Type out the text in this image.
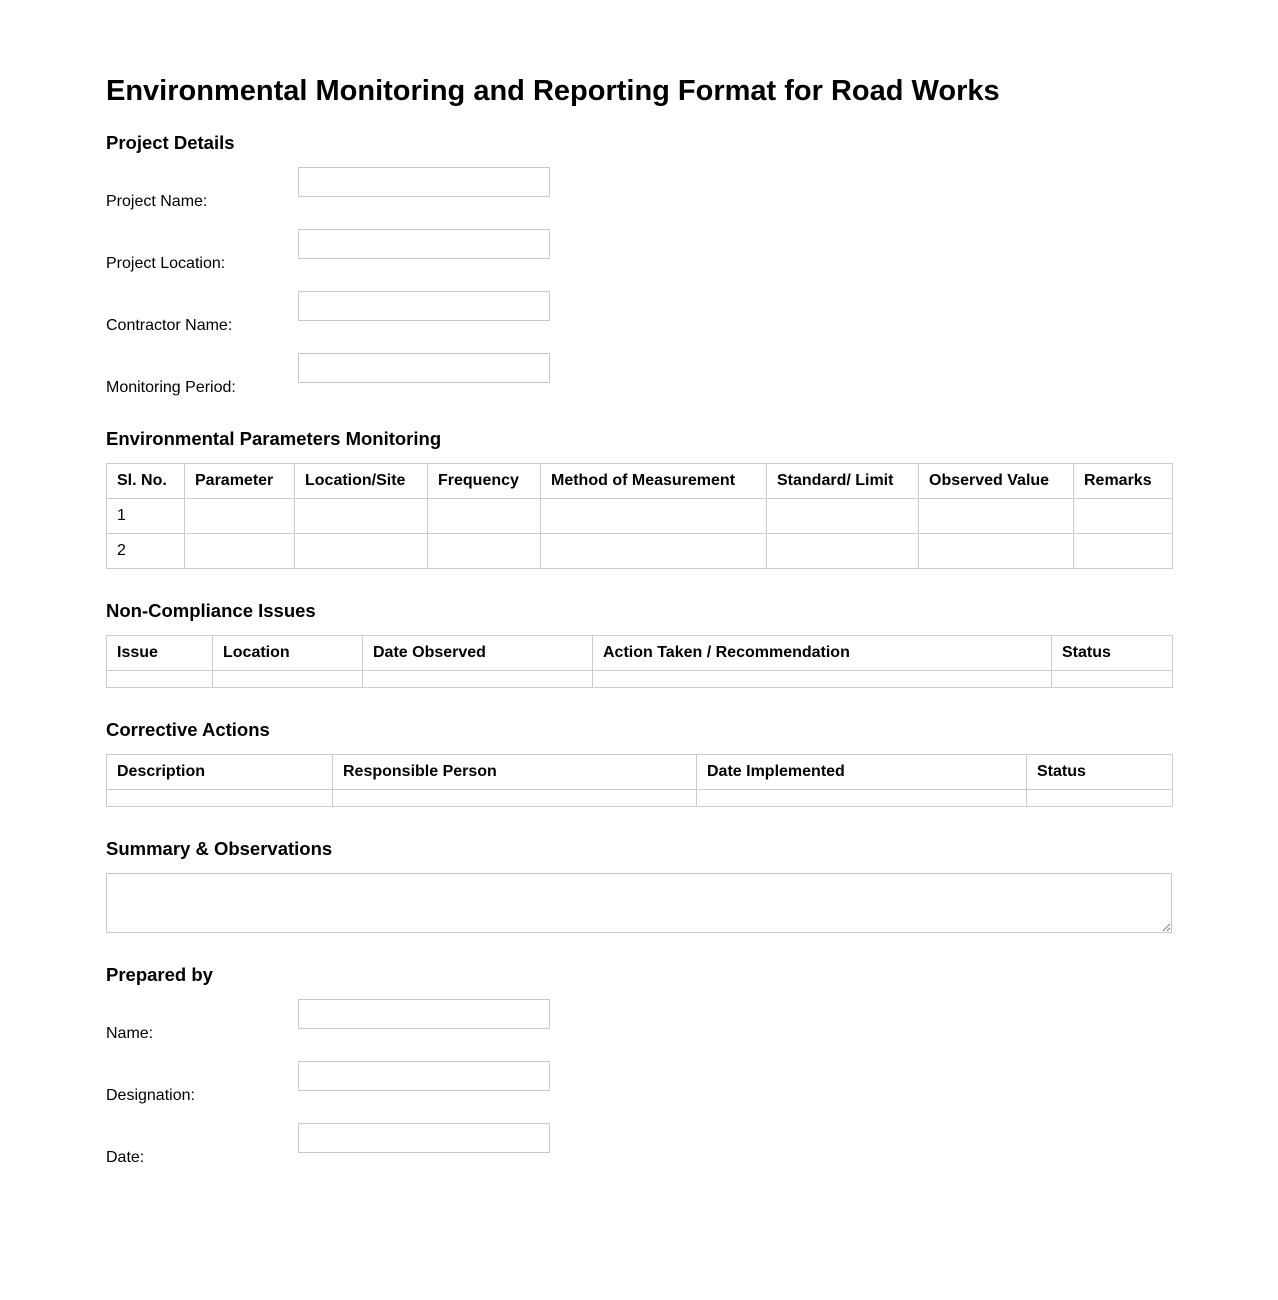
Environmental Monitoring and Reporting Format for Road Works
Project Details
Project Name:
Project Location:
Contractor Name:
Monitoring Period:
Environmental Parameters Monitoring
Sl. No.	Parameter	Location/Site	Frequency	Method of Measurement	Standard/ Limit	Observed Value	Remarks
1							
2							
Non-Compliance Issues
Issue	Location	Date Observed	Action Taken / Recommendation	Status

Corrective Actions
Description	Responsible Person	Date Implemented	Status

Summary & Observations
Prepared by
Name:
Designation:
Date:
